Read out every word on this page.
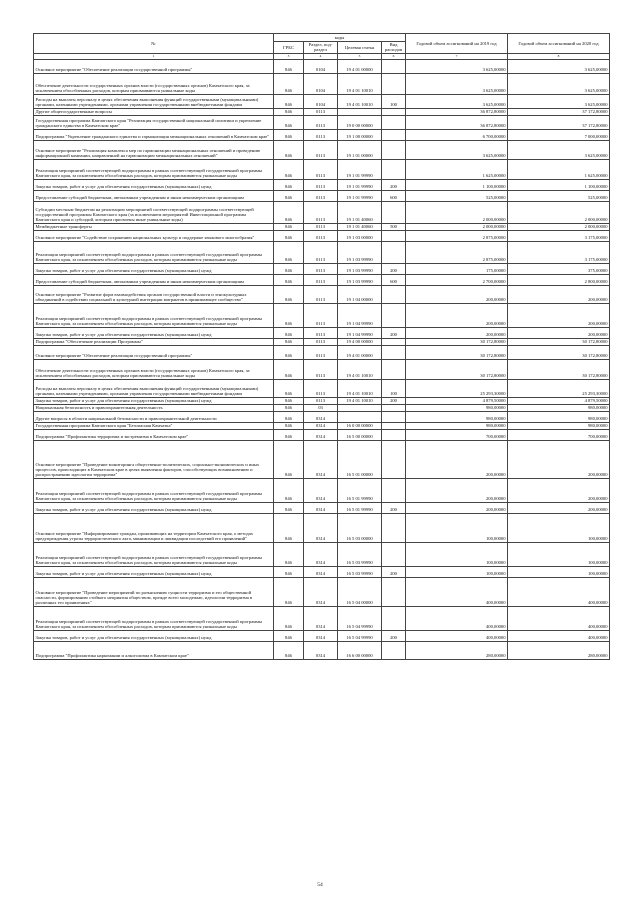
№	коды				Годовой объем ассигнований на 2019 год	Годовой объем ассигнований на 2020 год
	ГРБС	Раздел, под- раздел	Целевая статья	Вид расходов		
1	3	4	5	6	7	8
Основное мероприятие "Обеспечение реализации государственной программы"	846	0104	19 4 01 00000		3 625,00000	3 625,00000
Обеспечение деятельности государственных органов власти (государственных органов) Камчатского края, за исключением обособленных расходов, которым присваиваются уникальные коды	846	0104	19 4 01 10010		3 625,00000	3 625,00000
Расходы на выплаты персоналу в целях обеспечения выполнения функций государственными (муниципальными) органами, казенными учреждениями, органами управления государственными внебюджетными фондами	846	0104	19 4 01 10010	100	3 625,00000	3 625,00000
Другие общегосударственные вопросы	846	0113			36 872,80000	37 172,80000
Государственная программа Камчатского края "Реализация государственной национальной политики и укрепление гражданского единства в Камчатском крае"	846	0113	19 0 00 00000		36 872,80000	37 172,80000
Подпрограмма "Укрепление гражданского единства и гармонизация межнациональных отношений в Камчатском крае"	846	0113	19 1 00 00000		6 700,00000	7 000,00000
Основное мероприятие "Реализация комплекса мер по гармонизации межнациональных отношений и проведению информационной кампании, направленной на гармонизацию межнациональных отношений"	846	0113	19 1 01 00000		3 625,00000	3 625,00000
Реализация мероприятий соответствующей подпрограммы в рамках соответствующей государственной программы Камчатского края, за исключением обособленных расходов, которым присваиваются уникальные коды	846	0113	19 1 01 99990		1 625,00000	1 625,00000
Закупка товаров, работ и услуг для обеспечения государственных (муниципальных) нужд	846	0113	19 1 01 99990	200	1 100,00000	1 100,00000
Предоставление субсидий бюджетным, автономным учреждениям и иным некоммерческим организациям	846	0113	19 1 01 99990	600	525,00000	525,00000
Субсидии местным бюджетам на реализацию мероприятий соответствующей подпрограммы соответствующей государственной программы Камчатского края (за исключением мероприятий Инвестиционной программы Камчатского края и субсидий, которым присвоены иные уникальные коды)	846	0113	19 1 01 40060		2 000,00000	2 000,00000
Межбюджетные трансферты	846	0113	19 1 01 40060	500	2 000,00000	2 000,00000
Основное мероприятие "Содействие сохранению национальных культур и поддержке языкового многообразия"	846	0113	19 1 03 00000		2 875,00000	3 175,00000
Реализация мероприятий соответствующей подпрограммы в рамках соответствующей государственной программы Камчатского края, за исключением обособленных расходов, которым присваиваются уникальные коды	846	0113	19 1 03 99990		2 875,00000	3 175,00000
Закупка товаров, работ и услуг для обеспечения государственных (муниципальных) нужд	846	0113	19 1 03 99990	200	175,00000	375,00000
Предоставление субсидий бюджетным, автономным учреждениям и иным некоммерческим организациям	846	0113	19 1 03 99990	600	2 700,00000	2 800,00000
Основное мероприятие "Развитие форм взаимодействия органов государственной власти и этнокультурных объединений в содействии социальной и культурной интеграции мигрантов в принимающее сообщество"	846	0113	19 1 04 00000		200,00000	200,00000
Реализация мероприятий соответствующей подпрограммы в рамках соответствующей государственной программы Камчатского края, за исключением обособленных расходов, которым присваиваются уникальные коды	846	0113	19 1 04 99990		200,00000	200,00000
Закупка товаров, работ и услуг для обеспечения государственных (муниципальных) нужд	846	0113	19 1 04 99990	200	200,00000	200,00000
Подпрограмма "Обеспечение реализации Программы"	846	0113	19 4 00 00000		30 172,80000	30 172,80000
Основное мероприятие "Обеспечение реализации государственной программы"	846	0113	19 4 01 00000		30 172,80000	30 172,80000
Обеспечение деятельности государственных органов власти (государственных органов) Камчатского края, за исключением обособленных расходов, которым присваиваются уникальные коды	846	0113	19 4 01 10010		30 172,80000	30 172,80000
Расходы на выплаты персоналу в целях обеспечения выполнения функций государственными (муниципальными) органами, казенными учреждениями, органами управления государственными внебюджетными фондами	846	0113	19 4 01 10010	100	25 293,30000	25 293,30000
Закупка товаров, работ и услуг для обеспечения государственных (муниципальных) нужд	846	0113	19 4 01 10010	200	4 879,50000	4 879,50000
Национальная безопасность и правоохранительная деятельность	846	03			980,00000	980,00000
Другие вопросы в области национальной безопасности и правоохранительной деятельности	846	0314			980,00000	980,00000
Государственная программа Камчатского края "Безопасная Камчатка"	846	0314	16 0 00 00000		980,00000	980,00000
Подпрограмма "Профилактика терроризма и экстремизма в Камчатском крае"	846	0314	16 5 00 00000		700,00000	700,00000
Основное мероприятие "Проведение мониторинга общественно-политических, социально-экономических и иных процессов, происходящих в Камчатском крае в целях выявления факторов, способствующих возникновению и распространению идеологии терроризма"	846	0314	16 5 01 00000		200,00000	200,00000
Реализация мероприятий соответствующей подпрограммы в рамках соответствующей государственной программы Камчатского края, за исключением обособленных расходов, которым присваиваются уникальные коды	846	0314	16 5 01 99990		200,00000	200,00000
Закупка товаров, работ и услуг для обеспечения государственных (муниципальных) нужд	846	0314	16 5 01 99990	200	200,00000	200,00000
Основное мероприятие "Информирование граждан, проживающих на территории Камчатского края, о методах предупреждения угрозы террористического акта, минимизации и ликвидации последствий его проявлений"	846	0314	16 5 03 00000		100,00000	100,00000
Реализация мероприятий соответствующей подпрограммы в рамках соответствующей государственной программы Камчатского края, за исключением обособленных расходов, которым присваиваются уникальные коды	846	0314	16 5 03 99990		100,00000	100,00000
Закупка товаров, работ и услуг для обеспечения государственных (муниципальных) нужд	846	0314	16 5 03 99990	200	100,00000	100,00000
Основное мероприятие "Проведение мероприятий по разъяснению сущности терроризма и его общественной опасности, формированию стойкого неприятия обществом, прежде всего молодежью, идеологии терроризма в различных его проявлениях"	846	0314	16 5 04 00000		400,00000	400,00000
Реализация мероприятий соответствующей подпрограммы в рамках соответствующей государственной программы Камчатского края, за исключением обособленных расходов, которым присваиваются уникальные коды	846	0314	16 5 04 99990		400,00000	400,00000
Закупка товаров, работ и услуг для обеспечения государственных (муниципальных) нужд	846	0314	16 5 04 99990	200	400,00000	400,00000
Подпрограмма "Профилактика наркомании и алкоголизма в Камчатском крае"	846	0314	16 6 00 00000		280,00000	280,00000
54
